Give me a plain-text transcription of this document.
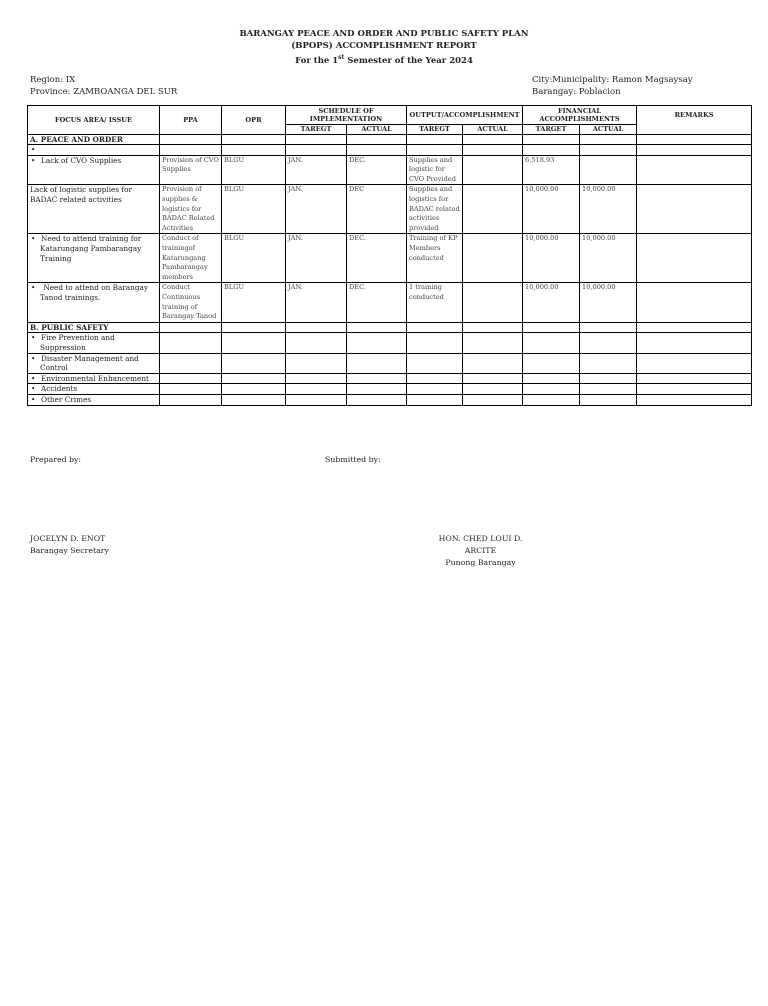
BARANGAY PEACE AND ORDER AND PUBLIC SAFETY PLAN
(BPOPS) ACCOMPLISHMENT REPORT
For the 1st Semester of the Year 2024
Region: IX
Province: ZAMBOANGA DEL SUR
City:Municipality: Ramon Magsaysay
Barangay: Poblacion
FOCUS AREA/ ISSUE	PPA	OPR	SCHEDULE OF IMPLEMENTATION		OUTPUT/ACCOMPLISHMENT		FINANCIAL ACCOMPLISHMENTS		REMARKS
			TAREGT	ACTUAL	TAREGT	ACTUAL	TARGET	ACTUAL	
A. PEACE AND ORDER									

•

• Lack of CVO Supplies	Provision of CVO Supplies	BLGU	JAN.	DEC.	Supplies and logistic for CVO Provided		6,518.93		
Lack of logistic supplies for BADAC related activities	Provision of supplies & logistics for BADAC Related Activities	BLGU	JAN.	DEC	Supplies and logistics for BADAC related activities provided		10,000.00	10,000.00	

• Need to attend training for Katarungang Pambarangay Training	Conduct of trainingof Katarungang Pambarangay members	BLGU	JAN.	DEC.	Training of KP Members conducted		10,000.00	10,000.00	

• Need to attend on Barangay Tanod trainings.	Conduct Continuous training of Barangay Tanod	BLGU	JAN.	DEC.	1 training conducted		10,000.00	10,000.00	
B. PUBLIC SAFETY									

• Fire Prevention and Suppression

• Disaster Management and Control

• Environmental Enhancement

• Accidents

• Other Crimes

Prepared by:	Submitted by:
JOCELYN D. ENOT
Barangay Secretary
HON. CHED LOUI D. ARCITE
Punong Barangay
